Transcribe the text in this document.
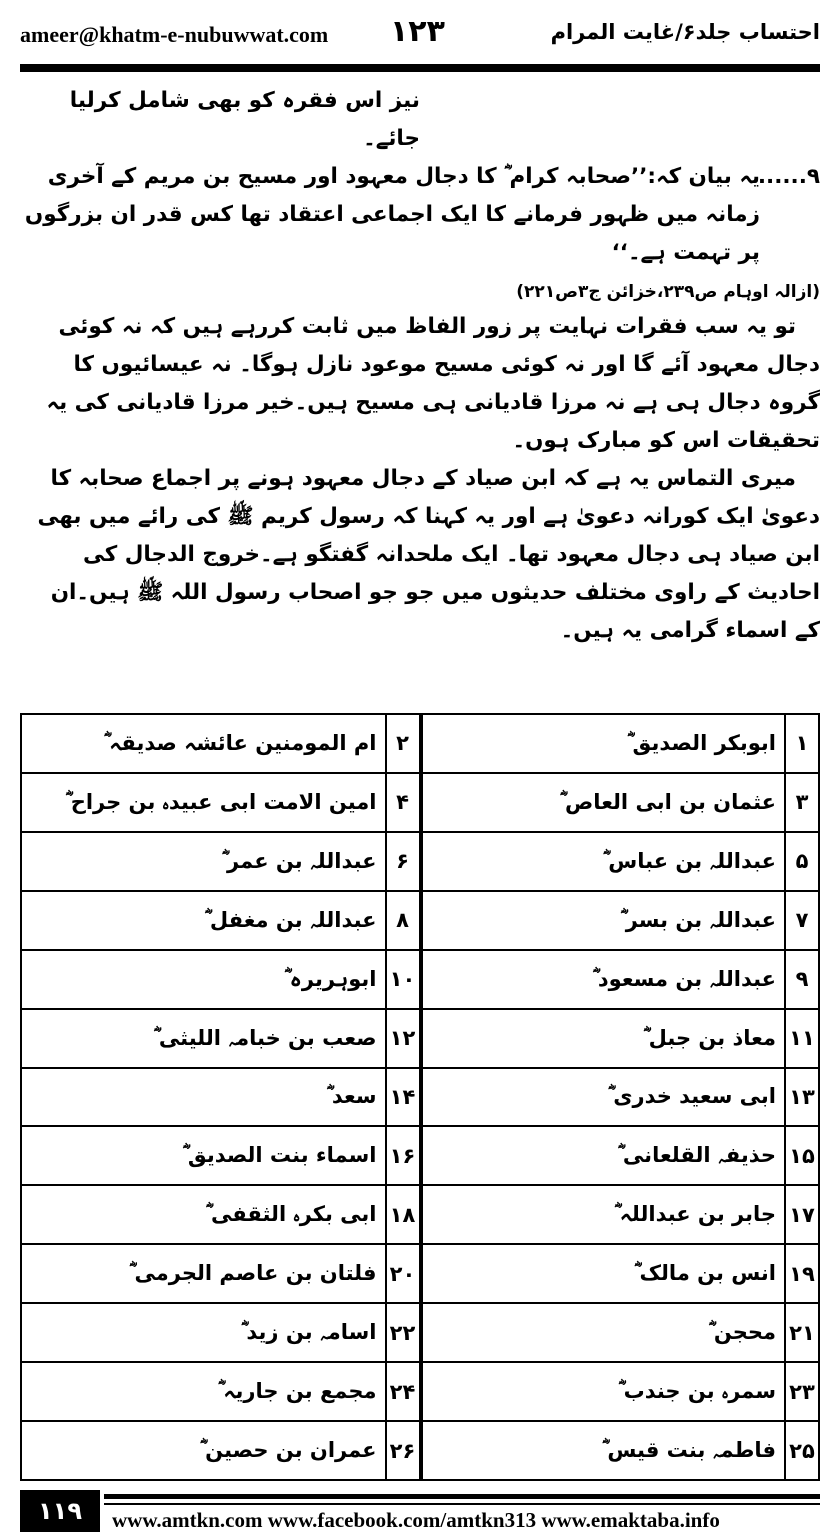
ameer@khatm-e-nubuwwat.com ۱۲۳	احتساب جلد۶/غایت المرام

نیز اس فقرہ کو بھی شامل کرلیا جائے۔

۹......
یہ بیان کہ:’’صحابہ کرام ؓ کا دجال معہود اور مسیح بن مریم کے آخری زمانہ میں ظہور فرمانے کا ایک اجماعی اعتقاد تھا کس قدر ان بزرگوں پر تہمت ہے۔‘‘

(ازالہ اوہام ص۲۳۹،خزائن ج۳ص۲۲۱)

تو یہ سب فقرات نہایت پر زور الفاظ میں ثابت کررہے ہیں کہ نہ کوئی دجال معہود آئے گا اور نہ کوئی مسیح موعود نازل ہوگا۔ نہ عیسائیوں کا گروہ دجال ہی ہے نہ مرزا قادیانی ہی مسیح ہیں۔خیر مرزا قادیانی کی یہ تحقیقات اس کو مبارک ہوں۔

میری التماس یہ ہے کہ ابن صیاد کے دجال معہود ہونے پر اجماع صحابہ کا دعویٰ ایک کورانہ دعویٰ ہے اور یہ کہنا کہ رسول کریم ﷺ کی رائے میں بھی ابن صیاد ہی دجال معہود تھا۔ ایک ملحدانہ گفتگو ہے۔خروج الدجال کی احادیث کے راوی مختلف حدیثوں میں جو جو اصحاب رسول اللہ ﷺ ہیں۔ان کے اسماء گرامی یہ ہیں۔

۱	ابوبکر الصدیق ؓ	۲	ام المومنین عائشہ صدیقہ ؓ
۳	عثمان بن ابی العاص ؓ	۴	امین الامت ابی عبیدہ بن جراح ؓ
۵	عبداللہ بن عباس ؓ	۶	عبداللہ بن عمر ؓ
۷	عبداللہ بن بسر ؓ	۸	عبداللہ بن مغفل ؓ
۹	عبداللہ بن مسعود ؓ	۱۰	ابوہریرہ ؓ
۱۱	معاذ بن جبل ؓ	۱۲	صعب بن خبامہ اللیثی ؓ
۱۳	ابی سعید خدری ؓ	۱۴	سعد ؓ
۱۵	حذیفہ القلعانی ؓ	۱۶	اسماء بنت الصدیق ؓ
۱۷	جابر بن عبداللہ ؓ	۱۸	ابی بکرہ الثقفی ؓ
۱۹	انس بن مالک ؓ	۲۰	فلتان بن عاصم الجرمی ؓ
۲۱	محجن ؓ	۲۲	اسامہ بن زید ؓ
۲۳	سمرہ بن جندب ؓ	۲۴	مجمع بن جاریہ ؓ
۲۵	فاطمہ بنت قیس ؓ	۲۶	عمران بن حصین ؓ
۱۱۹	www.amtkn.com www.facebook.com/amtkn313 www.emaktaba.info
